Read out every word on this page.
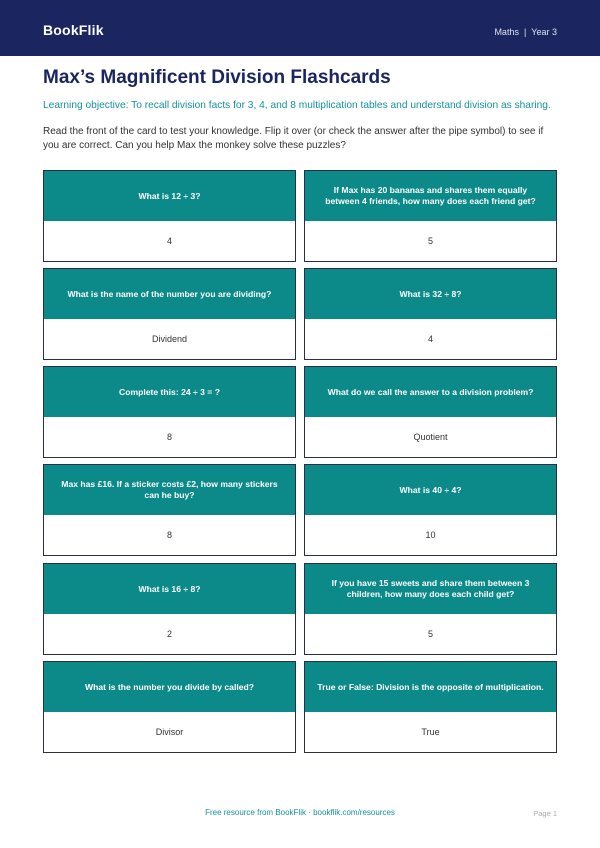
BookFlik	Maths | Year 3
Max’s Magnificent Division Flashcards
Learning objective: To recall division facts for 3, 4, and 8 multiplication tables and understand division as sharing.
Read the front of the card to test your knowledge. Flip it over (or check the answer after the pipe symbol) to see if you are correct. Can you help Max the monkey solve these puzzles?
What is 12 ÷ 3?
4
If Max has 20 bananas and shares them equally between 4 friends, how many does each friend get?
5
What is the name of the number you are dividing?
Dividend
What is 32 ÷ 8?
4
Complete this: 24 ÷ 3 = ?
8
What do we call the answer to a division problem?
Quotient
Max has £16. If a sticker costs £2, how many stickers can he buy?
8
What is 40 ÷ 4?
10
What is 16 ÷ 8?
2
If you have 15 sweets and share them between 3 children, how many does each child get?
5
What is the number you divide by called?
Divisor
True or False: Division is the opposite of multiplication.
True
Free resource from BookFlik · bookflik.com/resources	Page 1
